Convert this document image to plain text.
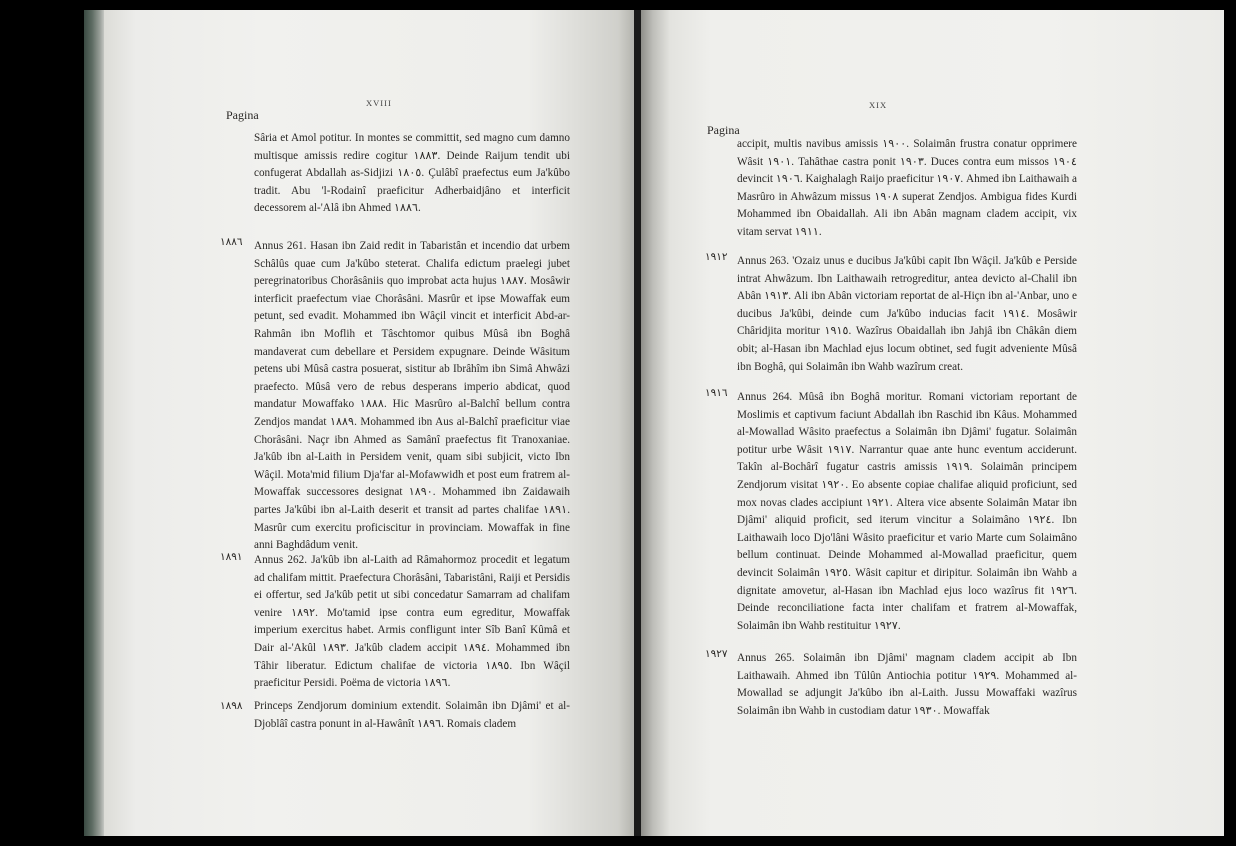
XVIII
Pagina
١٨٨٦
١٨٩١
١٨٩٨

Sâria et Amol potitur. In montes se committit, sed magno cum damno multisque amissis redire cogitur ١٨٨٣. Deinde Raijum tendit ubi confugerat Abdallah as-Sidjizi ١٨٠٥. Çulâbî praefectus eum Ja'kûbo tradit. Abu 'l-Rodainî praeficitur Adherbaidjâno et interficit decessorem al-'Alâ ibn Ahmed ١٨٨٦.

Annus 261. Hasan ibn Zaid redit in Tabaristân et incendio dat urbem Schâlûs quae cum Ja'kûbo steterat. Chalifa edictum praelegi jubet peregrinatoribus Chorâsâniis quo improbat acta hujus ١٨٨٧. Mosâwir interficit praefectum viae Chorâsâni. Masrûr et ipse Mowaffak eum petunt, sed evadit. Mohammed ibn Wâçil vincit et interficit Abd-ar-Rahmân ibn Moflih et Tâschtomor quibus Mûsâ ibn Boghâ mandaverat cum debellare et Persidem expugnare. Deinde Wâsitum petens ubi Mûsâ castra posuerat, sistitur ab Ibrâhîm ibn Simâ Ahwâzi praefecto. Mûsâ vero de rebus desperans imperio abdicat, quod mandatur Mowaffako ١٨٨٨. Hic Masrûro al-Balchî bellum contra Zendjos mandat ١٨٨٩. Mohammed ibn Aus al-Balchî praeficitur viae Chorâsâni. Naçr ibn Ahmed as Samânî praefectus fit Tranoxaniae. Ja'kûb ibn al-Laith in Persidem venit, quam sibi subjicit, victo Ibn Wâçil. Mota'mid filium Dja'far al-Mofawwidh et post eum fratrem al-Mowaffak successores designat ١٨٩٠. Mohammed ibn Zaidawaih partes Ja'kûbi ibn al-Laith deserit et transit ad partes chalifae ١٨٩١. Masrûr cum exercitu proficiscitur in provinciam. Mowaffak in fine anni Baghdâdum venit.

Annus 262. Ja'kûb ibn al-Laith ad Râmahormoz procedit et legatum ad chalifam mittit. Praefectura Chorâsâni, Tabaristâni, Raiji et Persidis ei offertur, sed Ja'kûb petit ut sibi concedatur Samarram ad chalifam venire ١٨٩٢. Mo'tamid ipse contra eum egreditur, Mowaffak imperium exercitus habet. Armis confligunt inter Sîb Banî Kûmâ et Dair al-'Akûl ١٨٩٣. Ja'kûb cladem accipit ١٨٩٤. Mohammed ibn Tâhir liberatur. Edictum chalifae de victoria ١٨٩٥. Ibn Wâçil praeficitur Persidi. Poëma de victoria ١٨٩٦.

Princeps Zendjorum dominium extendit. Solaimân ibn Djâmi' et al-Djoblâî castra ponunt in al-Hawânît ١٨٩٦. Romais cladem

XIX
Pagina
١٩١٢
١٩١٦
١٩٢٧

accipit, multis navibus amissis ١٩٠٠. Solaimân frustra conatur opprimere Wâsit ١٩٠١. Tahâthae castra ponit ١٩٠٣. Duces contra eum missos ١٩٠٤ devincit ١٩٠٦. Kaighalagh Raijo praeficitur ١٩٠٧. Ahmed ibn Laithawaih a Masrûro in Ahwâzum missus ١٩٠٨ superat Zendjos. Ambigua fides Kurdi Mohammed ibn Obaidallah. Ali ibn Abân magnam cladem accipit, vix vitam servat ١٩١١.

Annus 263. 'Ozaiz unus e ducibus Ja'kûbi capit Ibn Wâçil. Ja'kûb e Perside intrat Ahwâzum. Ibn Laithawaih retrogreditur, antea devicto al-Chalil ibn Abân ١٩١٣. Ali ibn Abân victoriam reportat de al-Hiçn ibn al-'Anbar, uno e ducibus Ja'kûbi, deinde cum Ja'kûbo inducias facit ١٩١٤. Mosâwir Châridjita moritur ١٩١٥. Wazîrus Obaidallah ibn Jahjâ ibn Châkân diem obit; al-Hasan ibn Machlad ejus locum obtinet, sed fugit adveniente Mûsâ ibn Boghâ, qui Solaimân ibn Wahb wazîrum creat.

Annus 264. Mûsâ ibn Boghâ moritur. Romani victoriam reportant de Moslimis et captivum faciunt Abdallah ibn Raschid ibn Kâus. Mohammed al-Mowallad Wâsito praefectus a Solaimân ibn Djâmi' fugatur. Solaimân potitur urbe Wâsit ١٩١٧. Narrantur quae ante hunc eventum acciderunt. Takîn al-Bochârî fugatur castris amissis ١٩١٩. Solaimân principem Zendjorum visitat ١٩٢٠. Eo absente copiae chalifae aliquid proficiunt, sed mox novas clades accipiunt ١٩٢١. Altera vice absente Solaimân Matar ibn Djâmi' aliquid proficit, sed iterum vincitur a Solaimâno ١٩٢٤. Ibn Laithawaih loco Djo'lâni Wâsito praeficitur et vario Marte cum Solaimâno bellum continuat. Deinde Mohammed al-Mowallad praeficitur, quem devincit Solaimân ١٩٢٥. Wâsit capitur et diripitur. Solaimân ibn Wahb a dignitate amovetur, al-Hasan ibn Machlad ejus loco wazîrus fit ١٩٢٦. Deinde reconciliatione facta inter chalifam et fratrem al-Mowaffak, Solaimân ibn Wahb restituitur ١٩٢٧.

Annus 265. Solaimân ibn Djâmi' magnam cladem accipit ab Ibn Laithawaih. Ahmed ibn Tûlûn Antiochia potitur ١٩٢٩. Mohammed al-Mowallad se adjungit Ja'kûbo ibn al-Laith. Jussu Mowaffaki wazîrus Solaimân ibn Wahb in custodiam datur ١٩٣٠. Mowaffak
